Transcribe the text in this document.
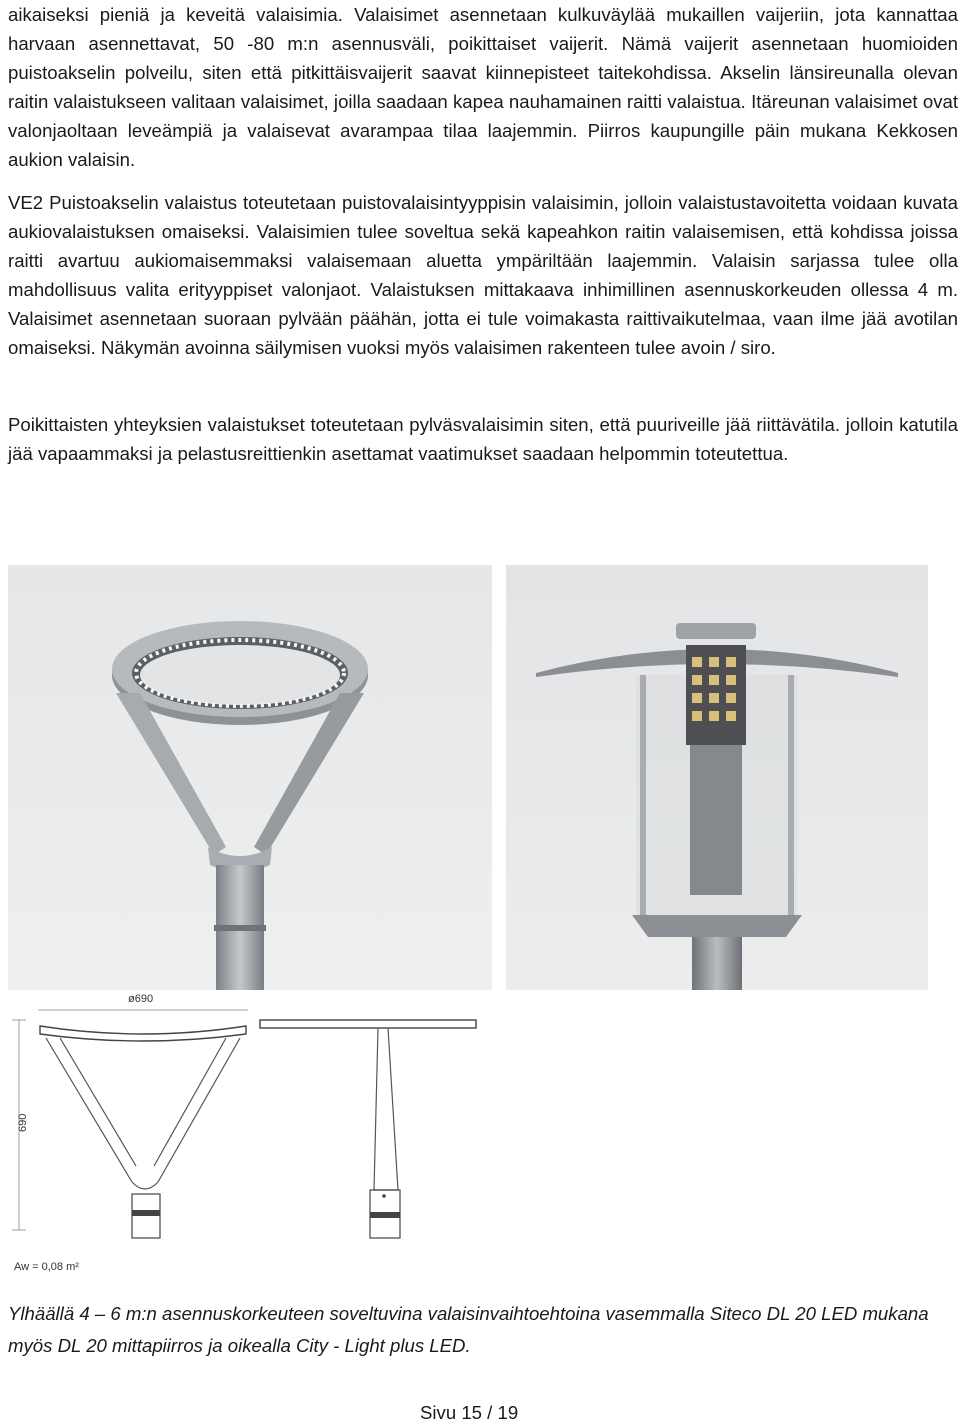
aikaiseksi pieniä ja keveitä valaisimia. Valaisimet asennetaan kulkuväylää mukaillen vaijeriin, jota kannattaa harvaan asennettavat, 50 -80 m:n asennusväli, poikittaiset vaijerit. Nämä vaijerit asennetaan huomioiden puistoakselin polveilu, siten että pitkittäisvaijerit saavat kiinnepisteet taitekohdissa. Akselin länsireunalla olevan raitin valaistukseen valitaan valaisimet, joilla saadaan kapea nauhamainen raitti valaistua. Itäreunan valaisimet ovat valonjaoltaan leveämpiä ja valaisevat avarampaa tilaa laajemmin. Piirros kaupungille päin mukana Kekkosen aukion valaisin.

VE2 Puistoakselin valaistus toteutetaan puistovalaisintyyppisin valaisimin, jolloin valaistustavoitetta voidaan kuvata aukiovalaistuksen omaiseksi. Valaisimien tulee soveltua sekä kapeahkon raitin valaisemisen, että kohdissa joissa raitti avartuu aukiomaisemmaksi valaisemaan aluetta ympäriltään laajemmin. Valaisin sarjassa tulee olla mahdollisuus valita erityyppiset valonjaot. Valaistuksen mittakaava inhimillinen asennuskorkeuden ollessa 4 m. Valaisimet asennetaan suoraan pylvään päähän, jotta ei tule voimakasta raittivaikutelmaa, vaan ilme jää avotilan omaiseksi. Näkymän avoinna säilymisen vuoksi myös valaisimen rakenteen tulee avoin / siro.

Poikittaisten yhteyksien valaistukset toteutetaan pylväsvalaisimin siten, että puuriveille jää riittävätila. jolloin katutila jää vapaammaksi ja pelastusreittienkin asettamat vaatimukset saadaan helpommin toteutettua.

ø690
690
Aw = 0,08 m²

Ylhäällä 4 – 6 m:n asennuskorkeuteen soveltuvina valaisinvaihtoehtoina vasemmalla Siteco DL 20 LED mukana myös DL 20 mittapiirros ja oikealla City - Light plus LED.

Sivu 15 / 19
